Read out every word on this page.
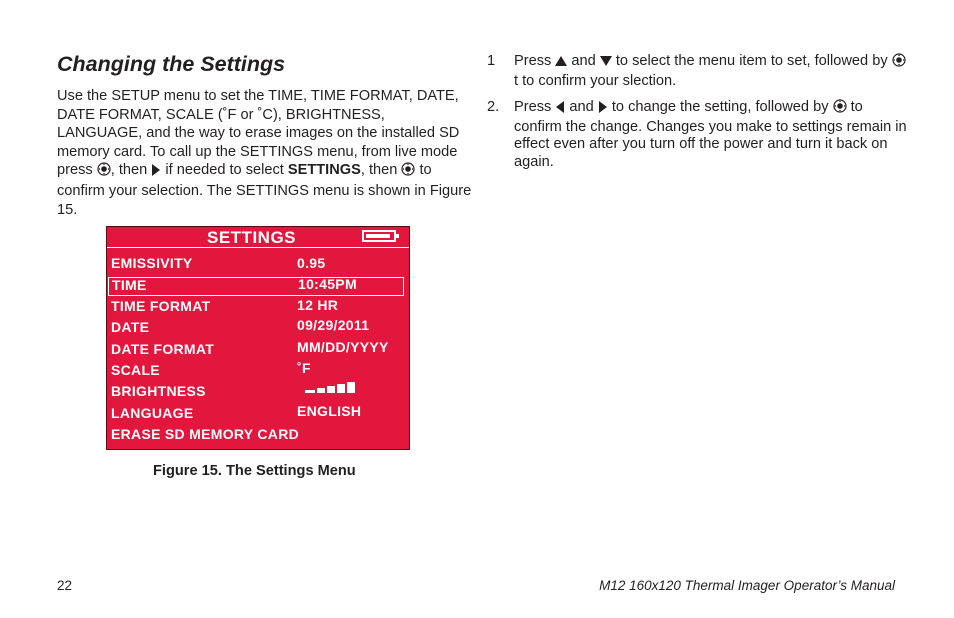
Changing the Settings

Use the SETUP menu to set the TIME, TIME FORMAT, DATE, DATE FORMAT, SCALE (˚F or ˚C), BRIGHTNESS, LANGUAGE, and the way to erase images on the installed SD memory card. To call up the SETTINGS menu, from live mode press , then  if needed to select SETTINGS, then  to confirm your selection. The SETTINGS menu is shown in Figure 15.

SETTINGS
EMISSIVITY	0.95
TIME	10:45PM
TIME FORMAT	12 HR
DATE	09/29/2011
DATE FORMAT	MM/DD/YYYY
SCALE	˚F
BRIGHTNESS
LANGUAGE	ENGLISH
ERASE SD MEMORY CARD

Figure 15. The Settings Menu

1 Press  and  to select the menu item to set, followed by  t to confirm your slection.

2. Press  and  to change the setting, followed by  to confirm the change. Changes you make to settings remain in effect even after you turn off the power and turn it back on again.

22	M12 160x120 Thermal Imager Operator’s Manual
